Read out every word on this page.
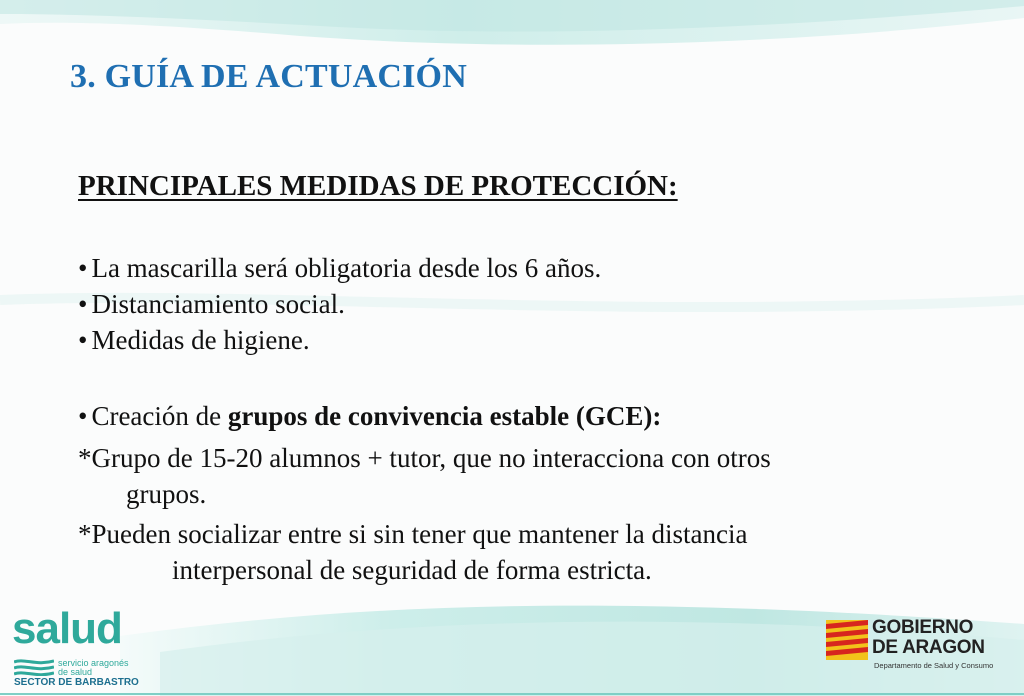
3. GUÍA DE ACTUACIÓN
PRINCIPALES MEDIDAS DE PROTECCIÓN:

• La mascarilla será obligatoria desde los 6 años.

• Distanciamiento social.

• Medidas de higiene.

• Creación de grupos de convivencia estable (GCE):

*Grupo de 15-20 alumnos + tutor, que no interacciona con otros

grupos.

*Pueden socializar entre si sin tener que mantener la distancia

interpersonal de seguridad de forma estricta.

salud
servicio aragonés
de salud
SECTOR DE BARBASTRO
GOBIERNO
DE ARAGON
Departamento de Salud y Consumo
